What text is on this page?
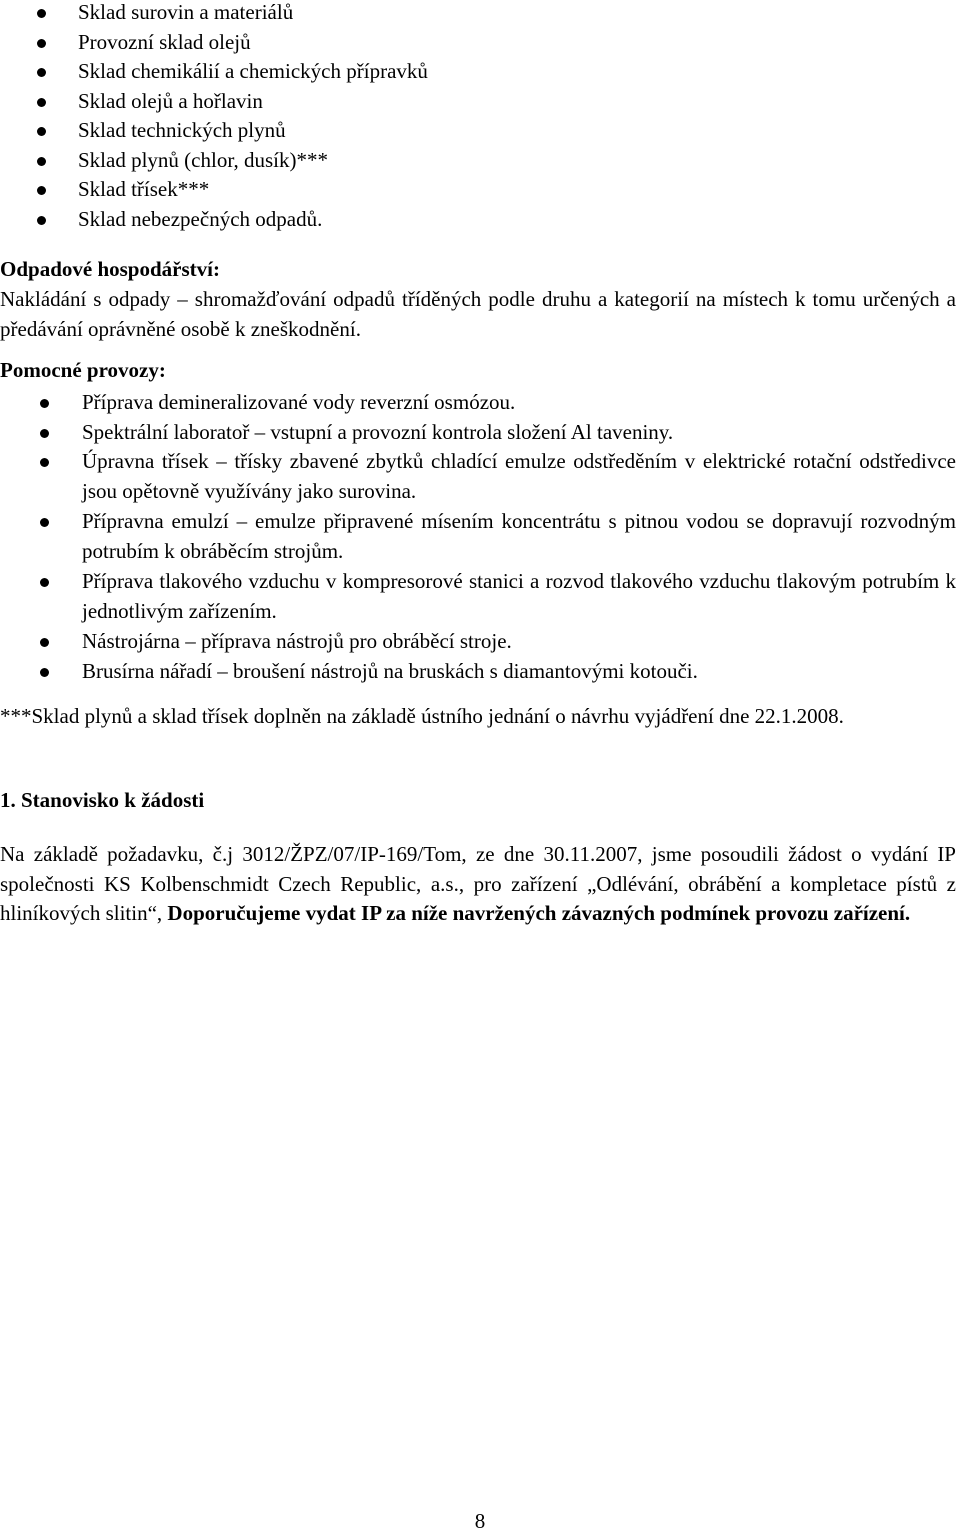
Sklad surovin a materiálů
Provozní sklad olejů
Sklad chemikálií a chemických přípravků
Sklad olejů a hořlavin
Sklad technických plynů
Sklad plynů (chlor, dusík)***
Sklad třísek***
Sklad nebezpečných odpadů.
Odpadové hospodářství:
Nakládání s odpady – shromažďování odpadů tříděných podle druhu a kategorií na místech k tomu určených a předávání oprávněné osobě k zneškodnění.
Pomocné provozy:
Příprava demineralizované vody reverzní osmózou.
Spektrální laboratoř – vstupní a provozní kontrola složení Al taveniny.
Úpravna třísek – třísky zbavené zbytků chladící emulze odstředěním v elektrické rotační odstředivce jsou opětovně využívány jako surovina.
Přípravna emulzí – emulze připravené mísením koncentrátu s pitnou vodou se dopravují rozvodným potrubím k obráběcím strojům.
Příprava tlakového vzduchu v kompresorové stanici a rozvod tlakového vzduchu tlakovým potrubím k jednotlivým zařízením.
Nástrojárna – příprava nástrojů pro obráběcí stroje.
Brusírna nářadí – broušení nástrojů na bruskách s diamantovými kotouči.
***Sklad plynů a sklad třísek doplněn na základě ústního jednání o návrhu vyjádření dne 22.1.2008.
1. Stanovisko k žádosti
Na základě požadavku, č.j 3012/ŽPZ/07/IP-169/Tom, ze dne 30.11.2007, jsme posoudili žádost o vydání IP společnosti KS Kolbenschmidt Czech Republic, a.s., pro zařízení „Odlévání, obrábění a kompletace pístů z hliníkových slitin“, Doporučujeme vydat IP za níže navržených závazných podmínek provozu zařízení.
8
